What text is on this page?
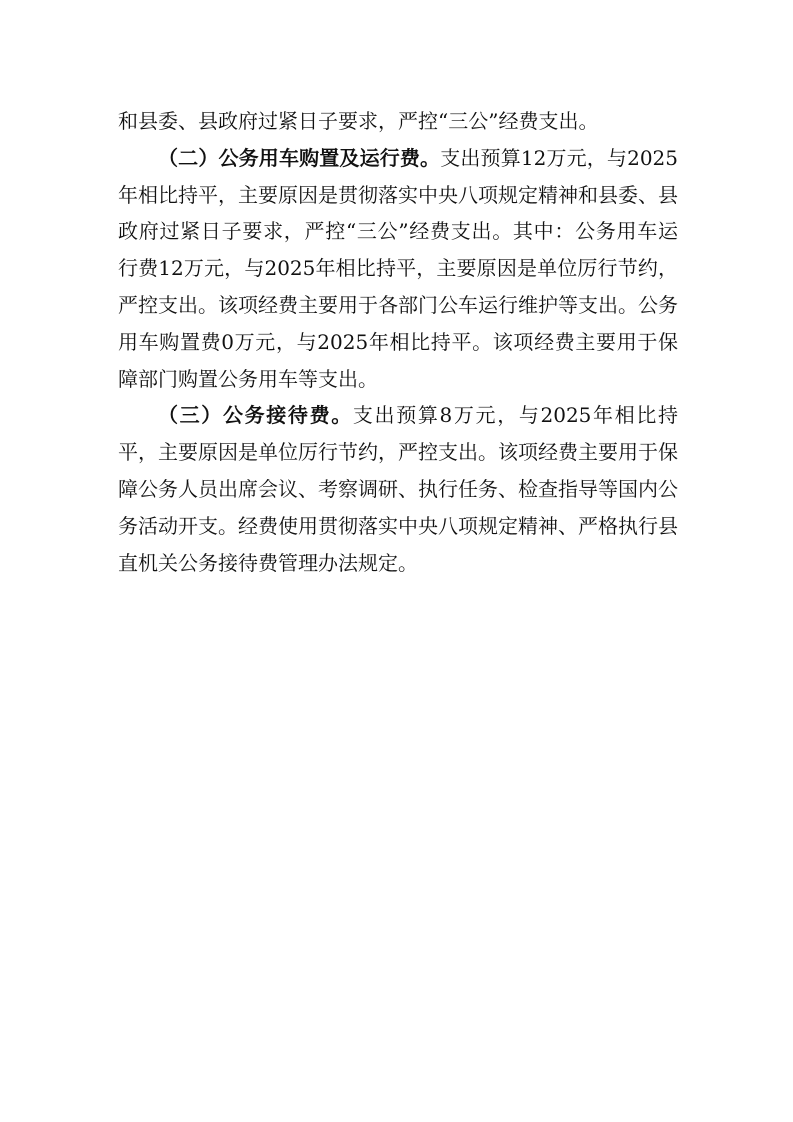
和县委、县政府过紧日子要求，严控“三公”经费支出。

（二）公务用车购置及运行费。支出预算12万元，与2025年相比持平，主要原因是贯彻落实中央八项规定精神和县委、县政府过紧日子要求，严控“三公”经费支出。其中：公务用车运行费12万元，与2025年相比持平，主要原因是单位厉行节约，严控支出。该项经费主要用于各部门公车运行维护等支出。公务用车购置费0万元，与2025年相比持平。该项经费主要用于保障部门购置公务用车等支出。

（三）公务接待费。支出预算8万元，与2025年相比持平，主要原因是单位厉行节约，严控支出。该项经费主要用于保障公务人员出席会议、考察调研、执行任务、检查指导等国内公务活动开支。经费使用贯彻落实中央八项规定精神、严格执行县直机关公务接待费管理办法规定。
